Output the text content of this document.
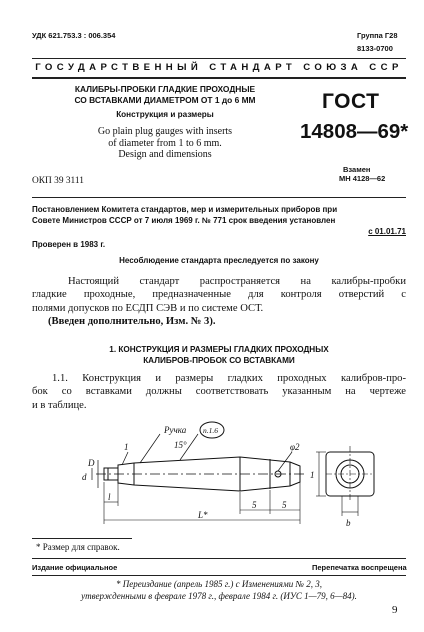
УДК 621.753.3 : 006.354	Группа Г28
8133-0700
ГОСУДАРСТВЕННЫЙ СТАНДАРТ СОЮЗА ССР
КАЛИБРЫ-ПРОБКИ ГЛАДКИЕ ПРОХОДНЫЕ
СО ВСТАВКАМИ ДИАМЕТРОМ ОТ 1 до 6 ММ
Конструкция и размеры
Go plain plug gauges with inserts
of diameter from 1 to 6 mm.
Design and dimensions
ОКП 39 3111
ГОСТ
14808—69*
Взамен
МН 4128—62
Постановлением Комитета стандартов, мер и измерительных приборов при
Совете Министров СССР от 7 июля 1969 г. № 771 срок введения установлен
с 01.01.71
Проверен в 1983 г.
Несоблюдение стандарта преследуется по закону
Настоящий стандарт распространяется на калибры-пробки
гладкие проходные, предназначенные для контроля отверстий с
полями допусков по ЕСДП СЭВ и по системе ОСТ.
(Введен дополнительно, Изм. № 3).
1. КОНСТРУКЦИЯ И РАЗМЕРЫ ГЛАДКИХ ПРОХОДНЫХ
КАЛИБРОВ-ПРОБОК СО ВСТАВКАМИ
1.1. Конструкция и размеры гладких проходных калибров-про-
бок со вставками должны соответствовать указанным на чертеже
и в таблице.
Ручка
15°
п.1.6
φ2
d
D
1
l
5	5
L*
1
b
* Размер для справок.
Издание официальное	Перепечатка воспрещена
* Переиздание (апрель 1985 г.) с Изменениями № 2, 3,
утвержденными в феврале 1978 г., феврале 1984 г. (ИУС 1—79, 6—84).
9
